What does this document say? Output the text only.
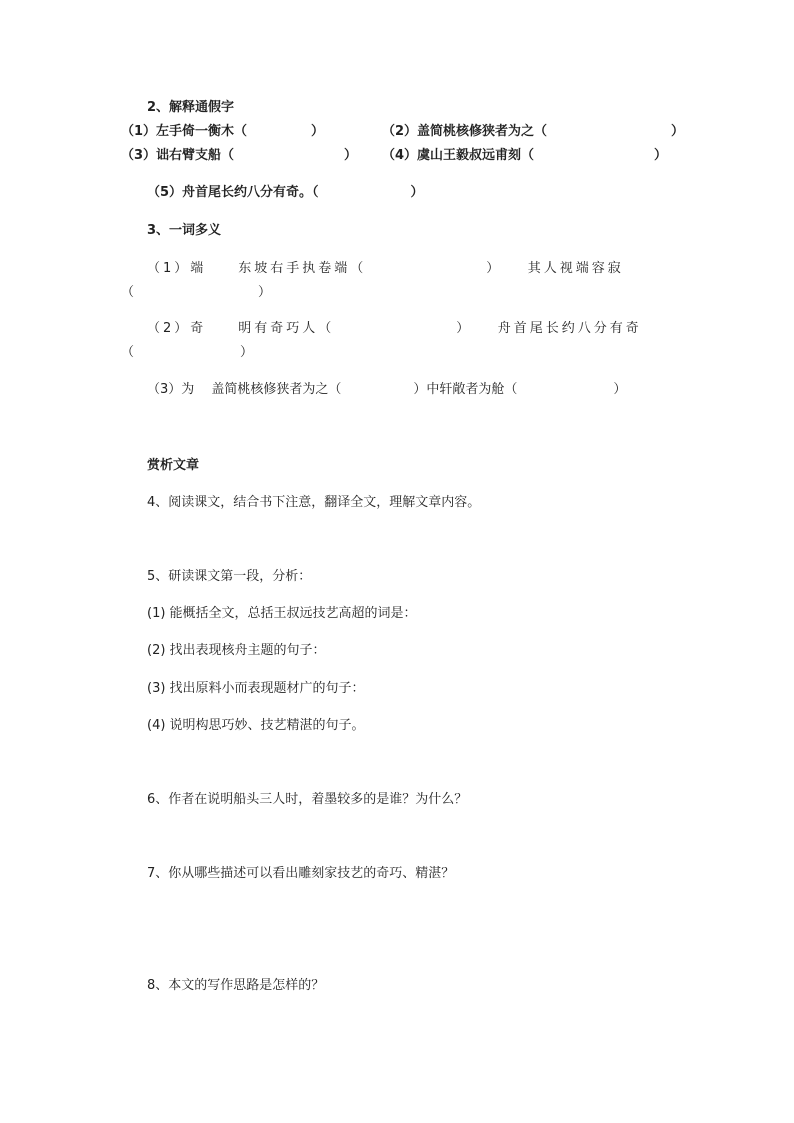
2、解释通假字
（1）左手倚一衡木（	）	（2）盖简桃核修狭者为之（	）
（3）诎右臂支船（	） （4）虞山王毅叔远甫刻（	）
（5）舟首尾长约八分有奇。（	）
3、一词多义
（1）端　　东坡右手执卷端（	）　　其人视端容寂
（	）
（2）奇　　明有奇巧人（	）　　舟首尾长约八分有奇
（	）
（3）为　 盖简桃核修狭者为之（	）中轩敞者为舱（	）
赏析文章
4、阅读课文，结合书下注意，翻译全文，理解文章内容。
5、研读课文第一段，分析：
(1) 能概括全文，总括王叔远技艺高超的词是：
(2) 找出表现核舟主题的句子：
(3) 找出原料小而表现题材广的句子：
(4) 说明构思巧妙、技艺精湛的句子。
6、作者在说明船头三人时，着墨较多的是谁？为什么？
7、你从哪些描述可以看出雕刻家技艺的奇巧、精湛？
8、本文的写作思路是怎样的？
